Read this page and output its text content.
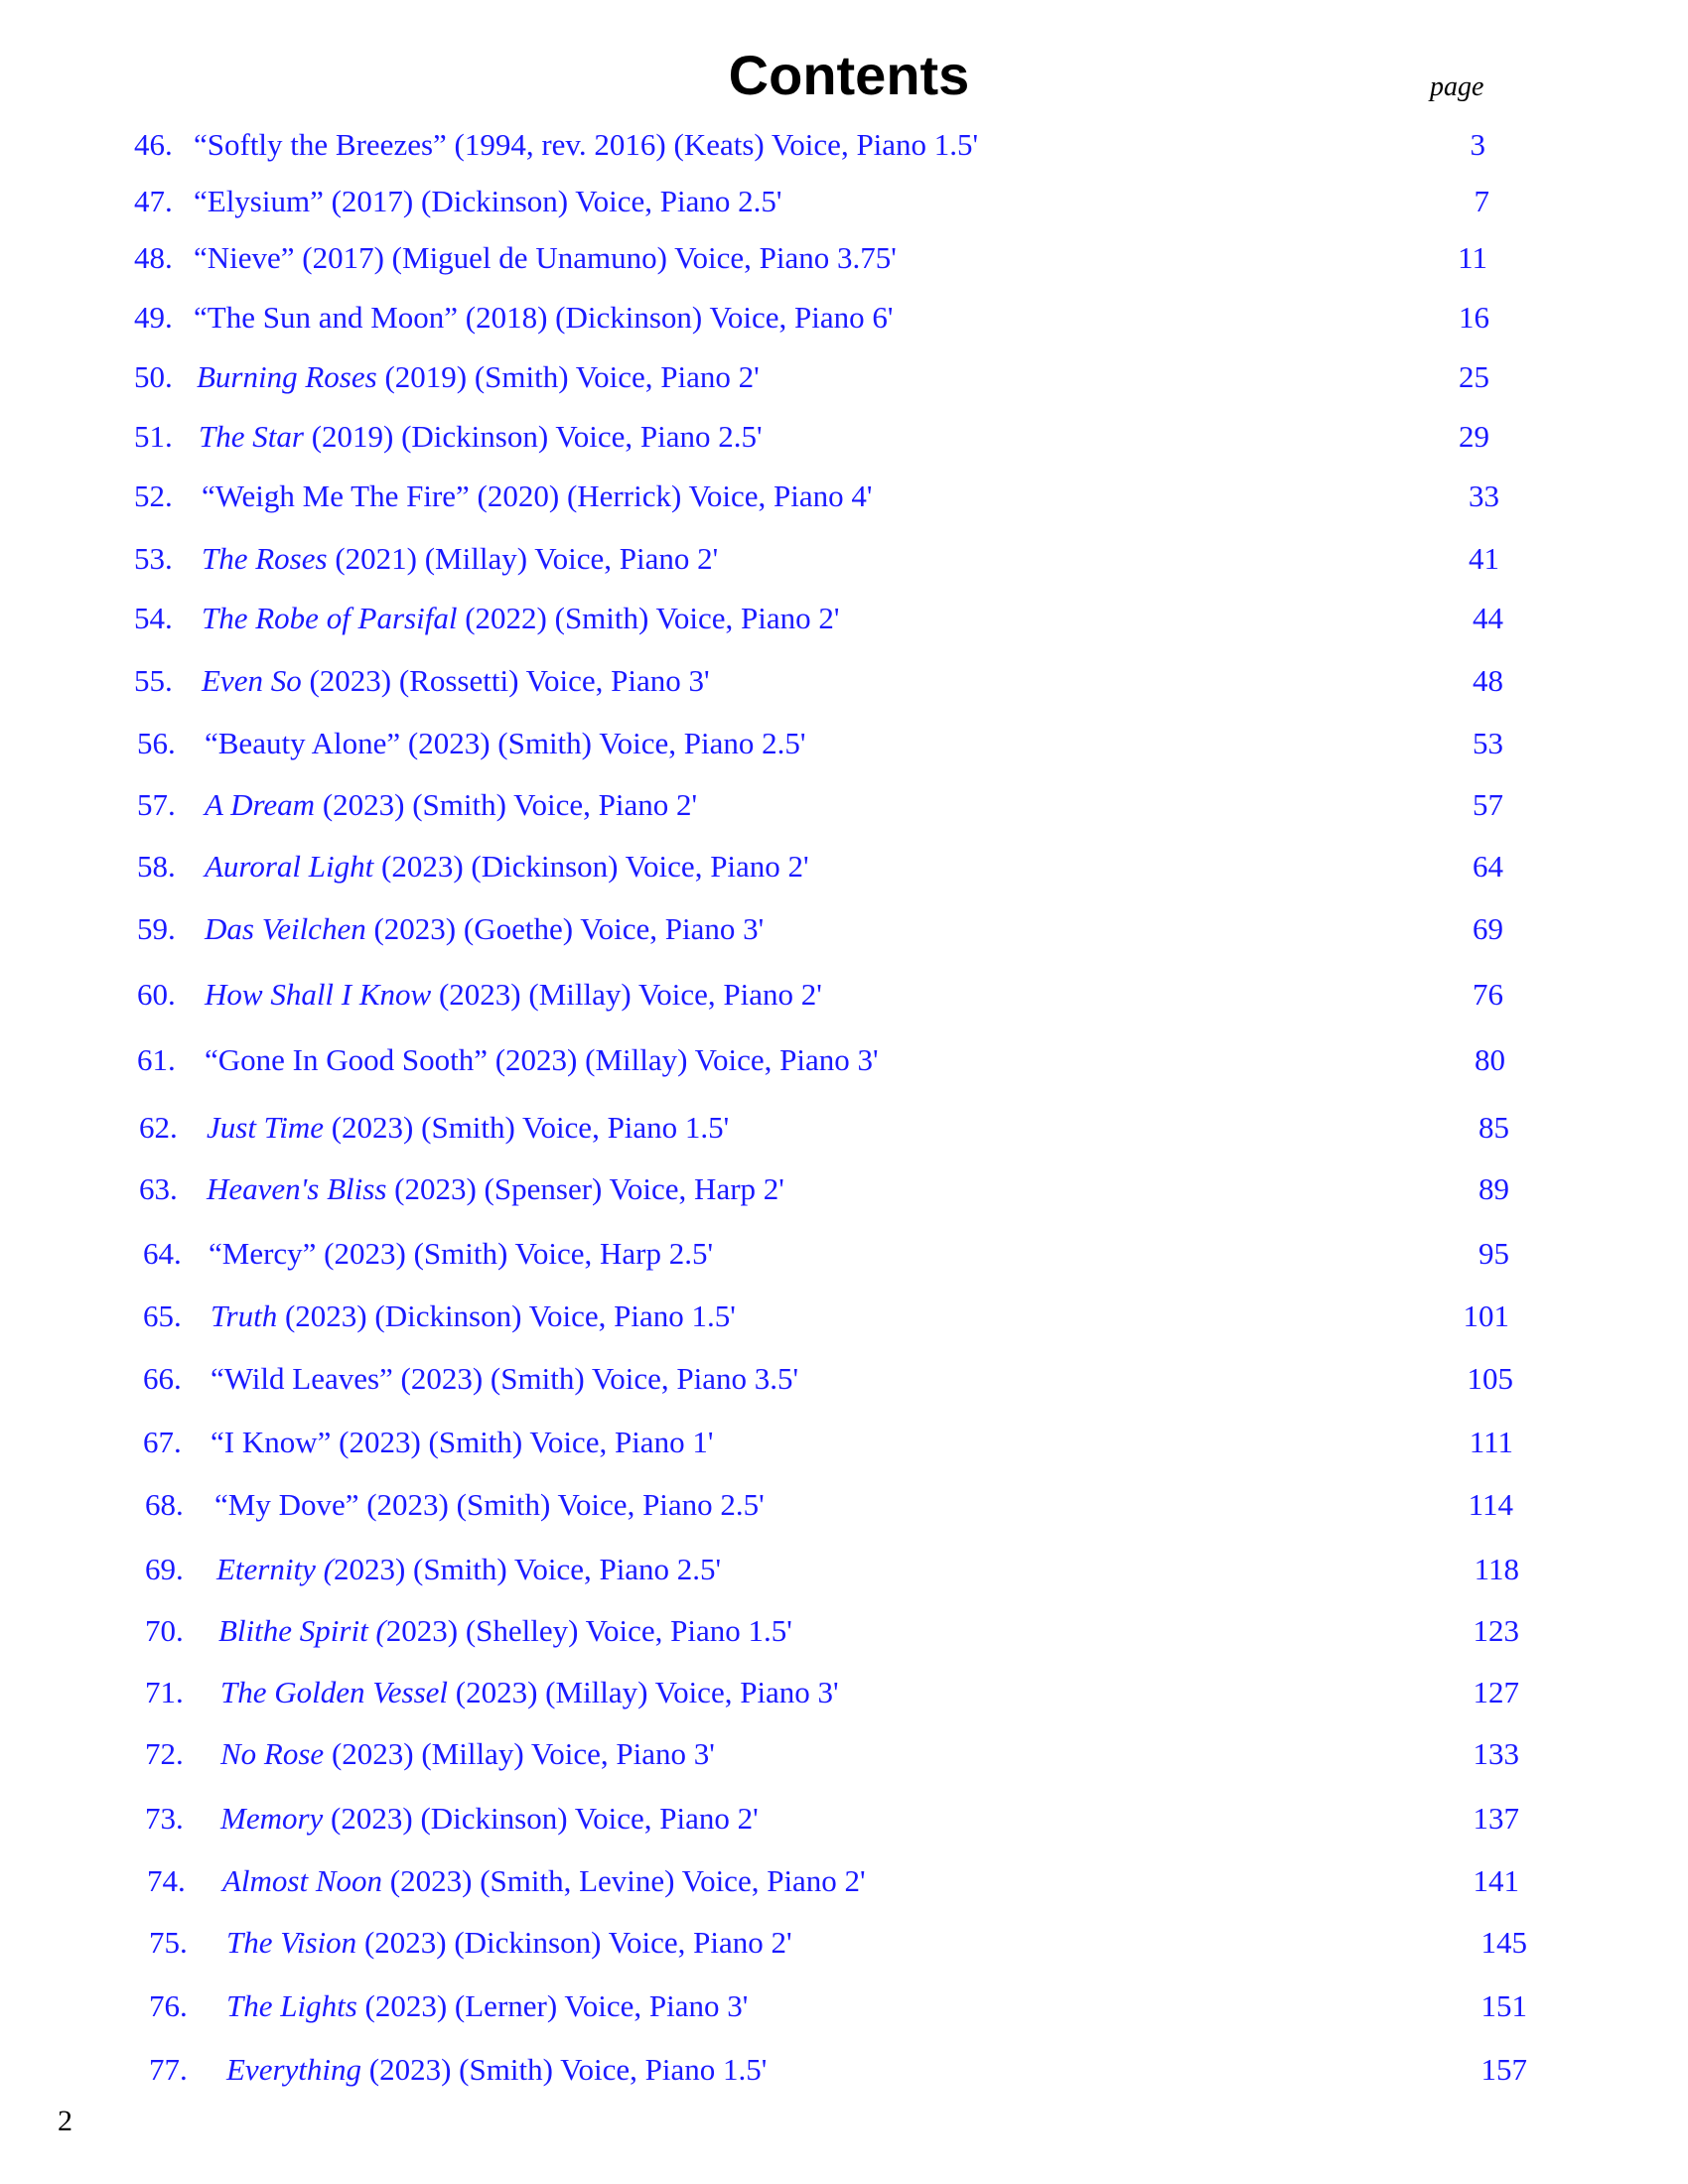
Contents	page
46. “Softly the Breezes” (1994, rev. 2016) (Keats) Voice, Piano 1.5'	3
47. “Elysium” (2017) (Dickinson) Voice, Piano 2.5'	7
48. “Nieve” (2017) (Miguel de Unamuno) Voice, Piano 3.75'	11
49. “The Sun and Moon” (2018) (Dickinson) Voice, Piano 6'	16
50. Burning Roses (2019) (Smith) Voice, Piano 2'	25
51. The Star (2019) (Dickinson) Voice, Piano 2.5'	29
52. “Weigh Me The Fire” (2020) (Herrick) Voice, Piano 4'	33
53. The Roses (2021) (Millay) Voice, Piano 2'	41
54. The Robe of Parsifal (2022) (Smith) Voice, Piano 2'	44
55. Even So (2023) (Rossetti) Voice, Piano 3'	48
56. “Beauty Alone” (2023) (Smith) Voice, Piano 2.5'	53
57. A Dream (2023) (Smith) Voice, Piano 2'	57
58. Auroral Light (2023) (Dickinson) Voice, Piano 2'	64
59. Das Veilchen (2023) (Goethe) Voice, Piano 3'	69
60. How Shall I Know (2023) (Millay) Voice, Piano 2'	76
61. “Gone In Good Sooth” (2023) (Millay) Voice, Piano 3'	80
62. Just Time (2023) (Smith) Voice, Piano 1.5'	85
63. Heaven's Bliss (2023) (Spenser) Voice, Harp 2'	89
64. “Mercy” (2023) (Smith) Voice, Harp 2.5'	95
65. Truth (2023) (Dickinson) Voice, Piano 1.5'	101
66. “Wild Leaves” (2023) (Smith) Voice, Piano 3.5'	105
67. “I Know” (2023) (Smith) Voice, Piano 1'	111
68. “My Dove” (2023) (Smith) Voice, Piano 2.5'	114
69. Eternity (2023) (Smith) Voice, Piano 2.5'	118
70. Blithe Spirit (2023) (Shelley) Voice, Piano 1.5'	123
71. The Golden Vessel (2023) (Millay) Voice, Piano 3'	127
72. No Rose (2023) (Millay) Voice, Piano 3'	133
73. Memory (2023) (Dickinson) Voice, Piano 2'	137
74. Almost Noon (2023) (Smith, Levine) Voice, Piano 2'	141
75. The Vision (2023) (Dickinson) Voice, Piano 2'	145
76. The Lights (2023) (Lerner) Voice, Piano 3'	151
77. Everything (2023) (Smith) Voice, Piano 1.5'	157
2
